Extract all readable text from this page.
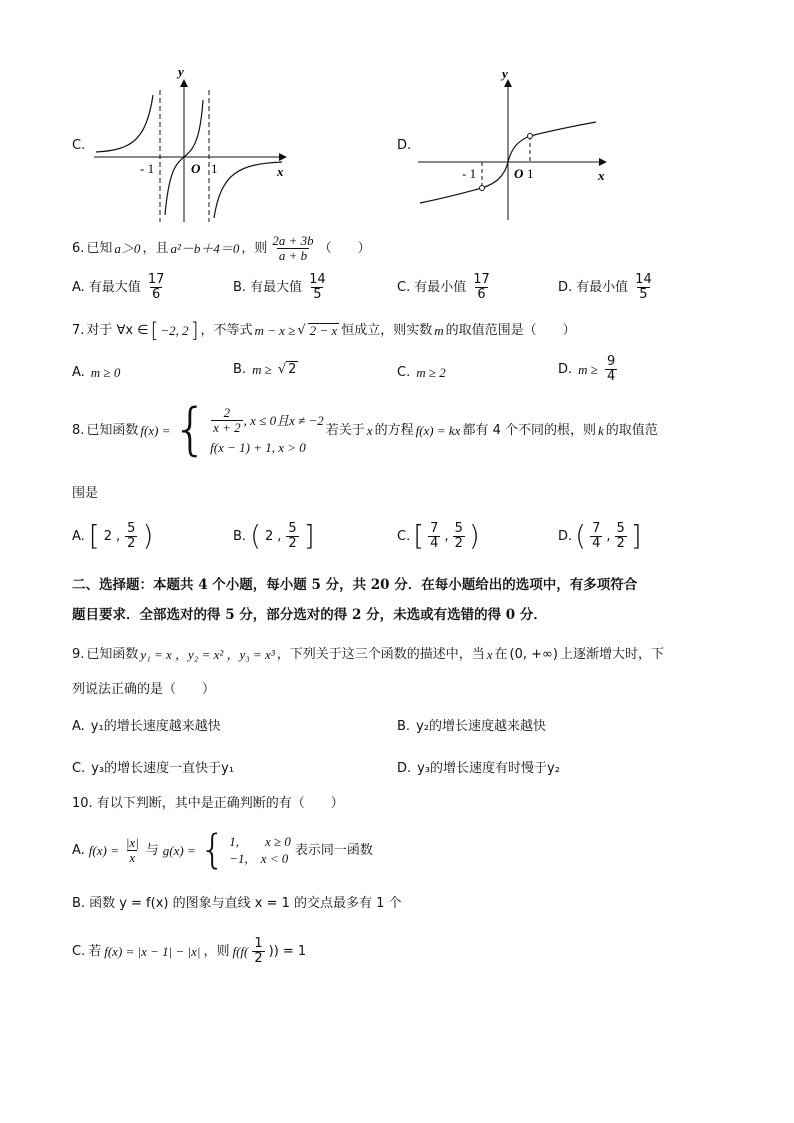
C.
y
x
O
- 1	1
D.
y
x
O
- 1	1
6. 已知 a＞0 ，且 a²－b＋4＝0 ，则 $\frac{2a + 3b}{a + b}$ （　　）
A. 有最大值 $\frac{17}{6}$	B. 有最大值 $\frac{14}{5}$	C. 有最小值 $\frac{17}{6}$	D. 有最小值 $\frac{14}{5}$
7. 对于 ∀x ∈ [ −2, 2 ] ，不等式 m − x ≥ √ 2 − x 恒成立，则实数 m 的取值范围是（　　）
A. m ≥ 0	B. m ≥ √ 2	C. m ≥ 2	D. $m \ge \frac{9}{4}$
8. 已知函数 f(x) = { $\frac{2}{x + 2}$ , x ≤ 0且x ≠ −2
f(x − 1) + 1, x > 0
若关于 x 的方程 f(x) = kx 都有 4 个不同的根，则 k 的取值范
围是
A. [ 2 , $\frac{5}{2}$ )	B. ( 2 , $\frac{5}{2}$ ]	C. [ $\frac{7}{4}$ , $\frac{5}{2}$ )	D. ( $\frac{7}{4}$ , $\frac{5}{2}$ ]
二、选择题：本题共 4 个小题，每小题 5 分，共 20 分．在每小题给出的选项中，有多项符合
题目要求．全部选对的得 5 分，部分选对的得 2 分，未选或有选错的得 0 分．
9. 已知函数 y₁ = x ，y₂ = x² ，y₃ = x³ ，下列关于这三个函数的描述中，当 x 在 (0, +∞) 上逐渐增大时，下
列说法正确的是（　　）
A. y₁的增长速度越来越快	B. y₂的增长速度越来越快
C. y₃的增长速度一直快于y₁	D. y₃的增长速度有时慢于y₂
10. 有以下判断，其中是正确判断的有（　　）
A. $f(x) = \frac{|x|}{x}$ 与 g(x) = { 1,　　x ≥ 0
−1,　x < 0
表示同一函数
B. 函数 y = f(x) 的图象与直线 x = 1 的交点最多有 1 个
C. 若 f(x) = |x − 1| − |x| ，则 $f(f( \frac{1}{2}$ )) = 1
